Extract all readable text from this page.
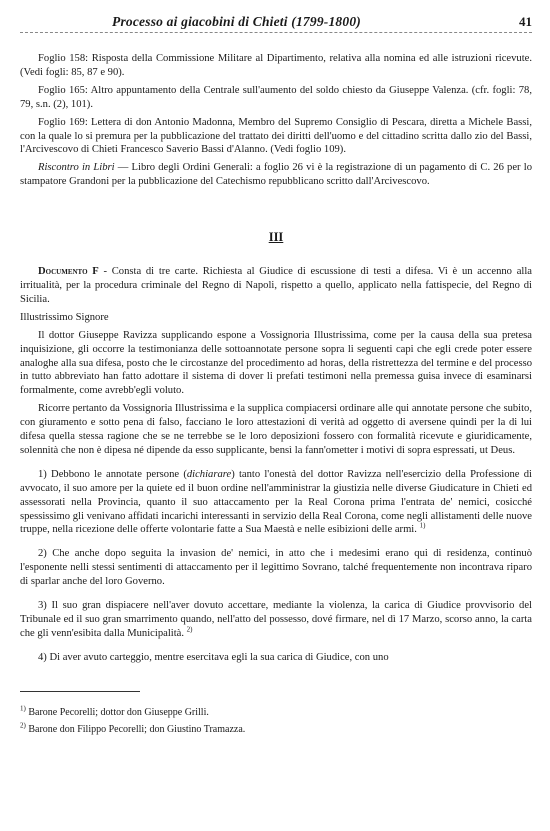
Processo ai giacobini di Chieti (1799-1800)	41

Foglio 158: Risposta della Commissione Militare al Dipartimento, relativa alla nomina ed alle istruzioni ricevute. (Vedi fogli: 85, 87 e 90).

Foglio 165: Altro appuntamento della Centrale sull'aumento del soldo chiesto da Giuseppe Valenza. (cfr. fogli: 78, 79, s.n. (2), 101).

Foglio 169: Lettera di don Antonio Madonna, Membro del Supremo Consiglio di Pescara, diretta a Michele Bassi, con la quale lo si premura per la pubblicazione del trattato dei diritti dell'uomo e del cittadino scritta dallo zio del Bassi, l'Arcivescovo di Chieti Francesco Saverio Bassi d'Alanno. (Vedi foglio 109).

Riscontro in Libri — Libro degli Ordini Generali: a foglio 26 vi è la registrazione di un pagamento di C. 26 per lo stampatore Grandoni per la pubblicazione del Catechismo repubblicano scritto dall'Arcivescovo.

III

Documento F - Consta di tre carte. Richiesta al Giudice di escussione di testi a difesa. Vi è un accenno alla irritualità, per la procedura criminale del Regno di Napoli, rispetto a quello, applicato nella fattispecie, del Regno di Sicilia.

Illustrissimo Signore

Il dottor Giuseppe Ravizza supplicando espone a Vossignoria Illustrissima, come per la causa della sua pretesa inquisizione, gli occorre la testimonianza delle sottoannotate persone sopra li seguenti capi che egli crede poter essere analoghe alla sua difesa, posto che le circostanze del procedimento ad horas, della ristrettezza del termine e del processo in tutto abbreviato han fatto adottare il sistema di dover li prefati testimoni nella premessa guisa invece di esaminarsi formalmente, come avrebb'egli voluto.

Ricorre pertanto da Vossignoria Illustrissima e la supplica compiacersi ordinare alle qui annotate persone che subito, con giuramento e sotto pena di falso, facciano le loro attestazioni di verità ad oggetto di aversene quindi per la di lui difesa quella stessa ragione che se ne terrebbe se le loro deposizioni fossero con formalità ricevute e giuridicamente, solennità che non è dipesa né dipende da esso supplicante, bensì la fann'ometter i motivi di sopra espressati, ut Deus.

1) Debbono le annotate persone (dichiarare) tanto l'onestà del dottor Ravizza nell'esercizio della Professione di avvocato, il suo amore per la quiete ed il buon ordine nell'amministrar la giustizia nelle diverse Giudicature in Chieti ed assessorati nella Provincia, quanto il suo attaccamento per la Real Corona prima l'entrata de' nemici, cosicché spessissimo gli venivano affidati incarichi interessanti in servizio della Real Corona, come negli allistamenti delle nuove truppe, nella ricezione delle offerte volontarie fatte a Sua Maestà e nelle esibizioni delle armi. $^{1)}$

2) Che anche dopo seguita la invasion de' nemici, in atto che i medesimi erano qui di residenza, continuò l'esponente nelli stessi sentimenti di attaccamento per il legittimo Sovrano, talché frequentemente non incontrava riparo di sparlar anche del loro Governo.

3) Il suo gran dispiacere nell'aver dovuto accettare, mediante la violenza, la carica di Giudice provvisorio del Tribunale ed il suo gran smarrimento quando, nell'atto del possesso, dové firmare, nel dì 17 Marzo, scorso anno, la carta che gli venn'esibita dalla Municipalità. $^{2)}$

4) Di aver avuto carteggio, mentre esercitava egli la sua carica di Giudice, con uno

$^{1)}$ Barone Pecorelli; dottor don Giuseppe Grilli.

$^{2)}$ Barone don Filippo Pecorelli; don Giustino Tramazza.
